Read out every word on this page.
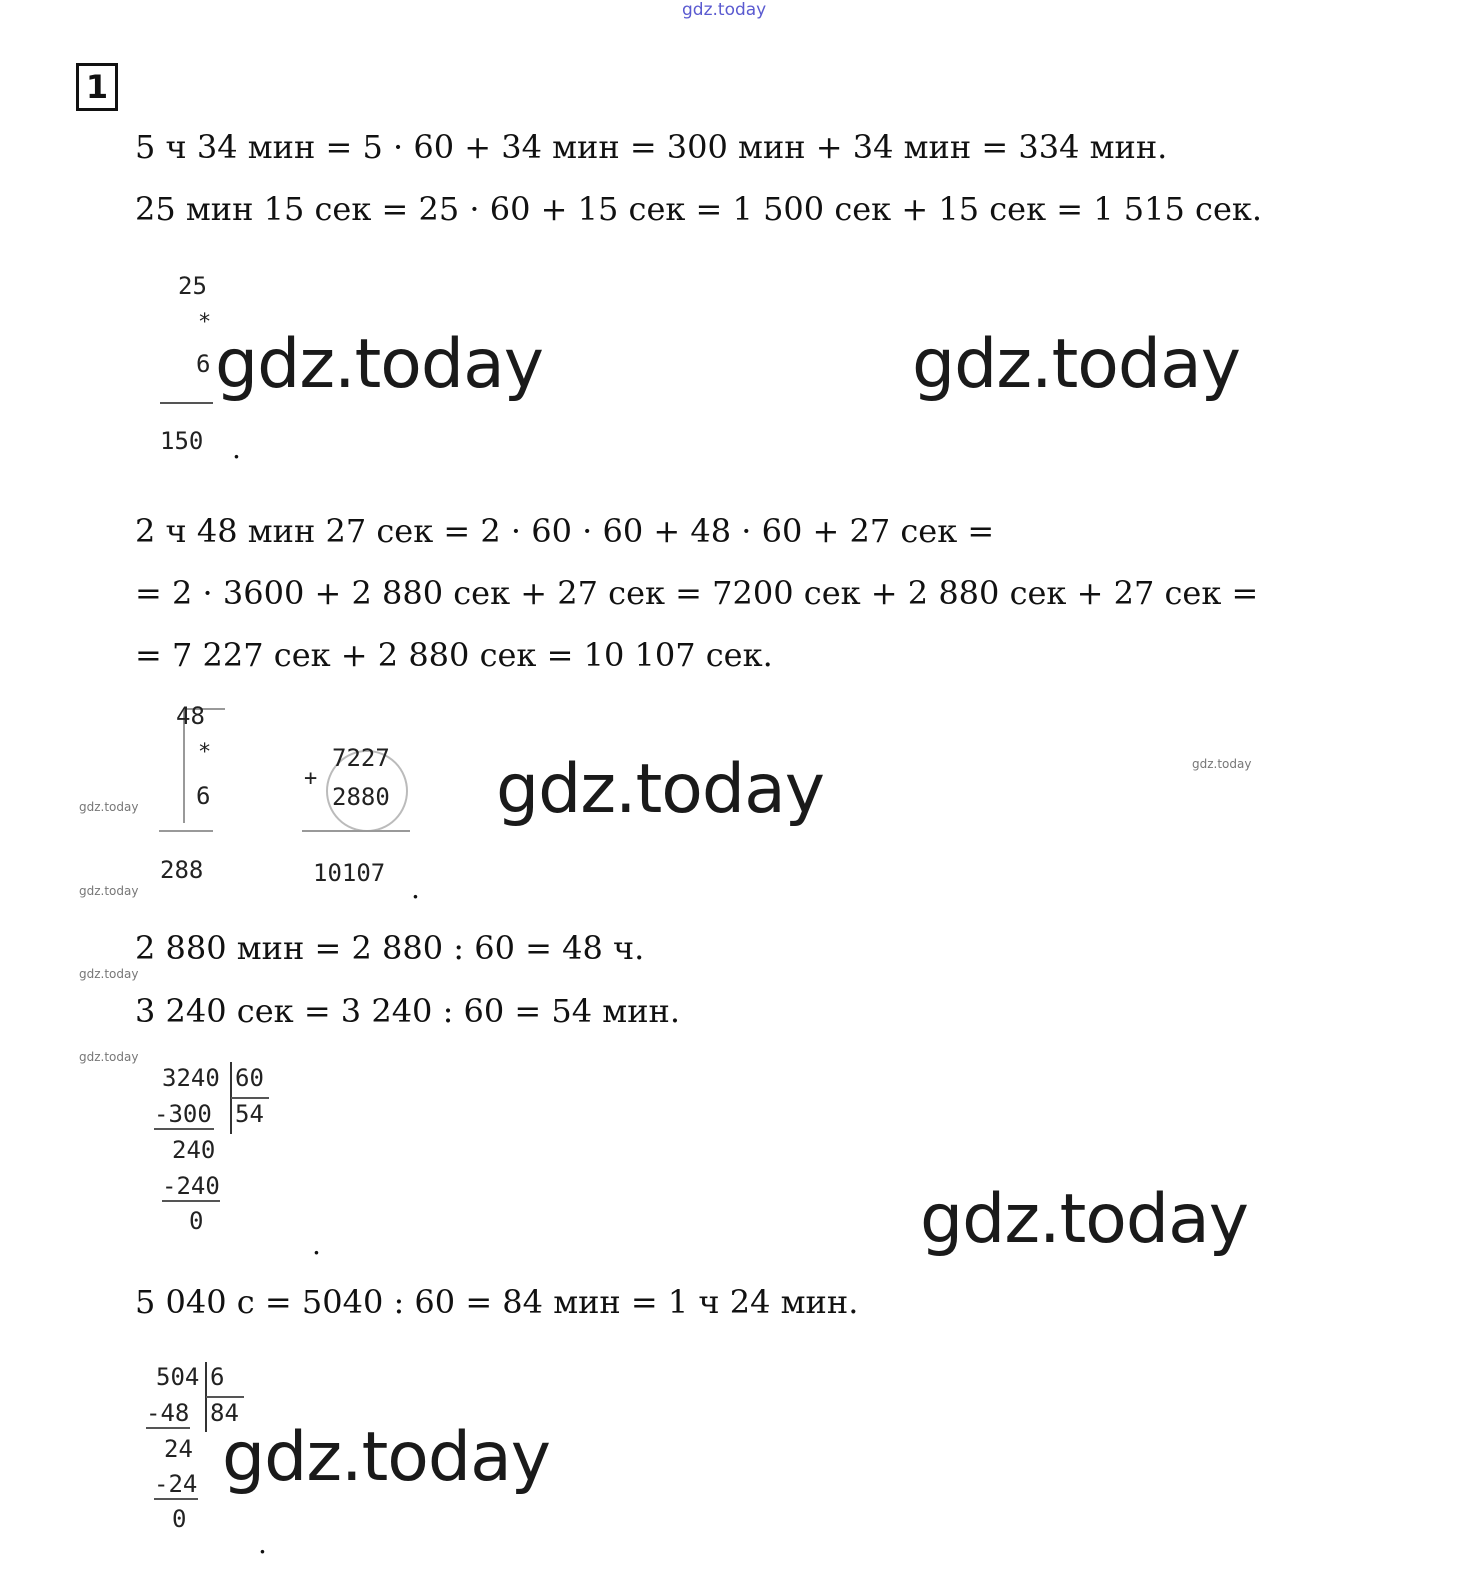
gdz.today
gdz.today	gdz.today
gdz.today
gdz.today
gdz.today
gdz.today
gdz.today
gdz.today
gdz.today
gdz.today
1
5 ч 34 мин = 5 · 60 + 34 мин = 300 мин + 34 мин = 334 мин.
25 мин 15 сек = 25 · 60 + 15 сек = 1 500 сек + 15 сек = 1 515 сек.
2 ч 48 мин 27 сек = 2 · 60 · 60 + 48 · 60 + 27 сек =
= 2 · 3600 + 2 880 сек + 27 сек = 7200 сек + 2 880 сек + 27 сек =
= 7 227 сек + 2 880 сек = 10 107 сек.
2 880 мин = 2 880 : 60 = 48 ч.
3 240 сек = 3 240 : 60 = 54 мин.
5 040 с = 5040 : 60 = 84 мин = 1 ч 24 мин.
25
*
6
150 .
48
*
6
288
+
7227
2880
10107 .
3240 60
54
-300
240
-240
0
.
504 6
84
-48
24
-24
0
.
